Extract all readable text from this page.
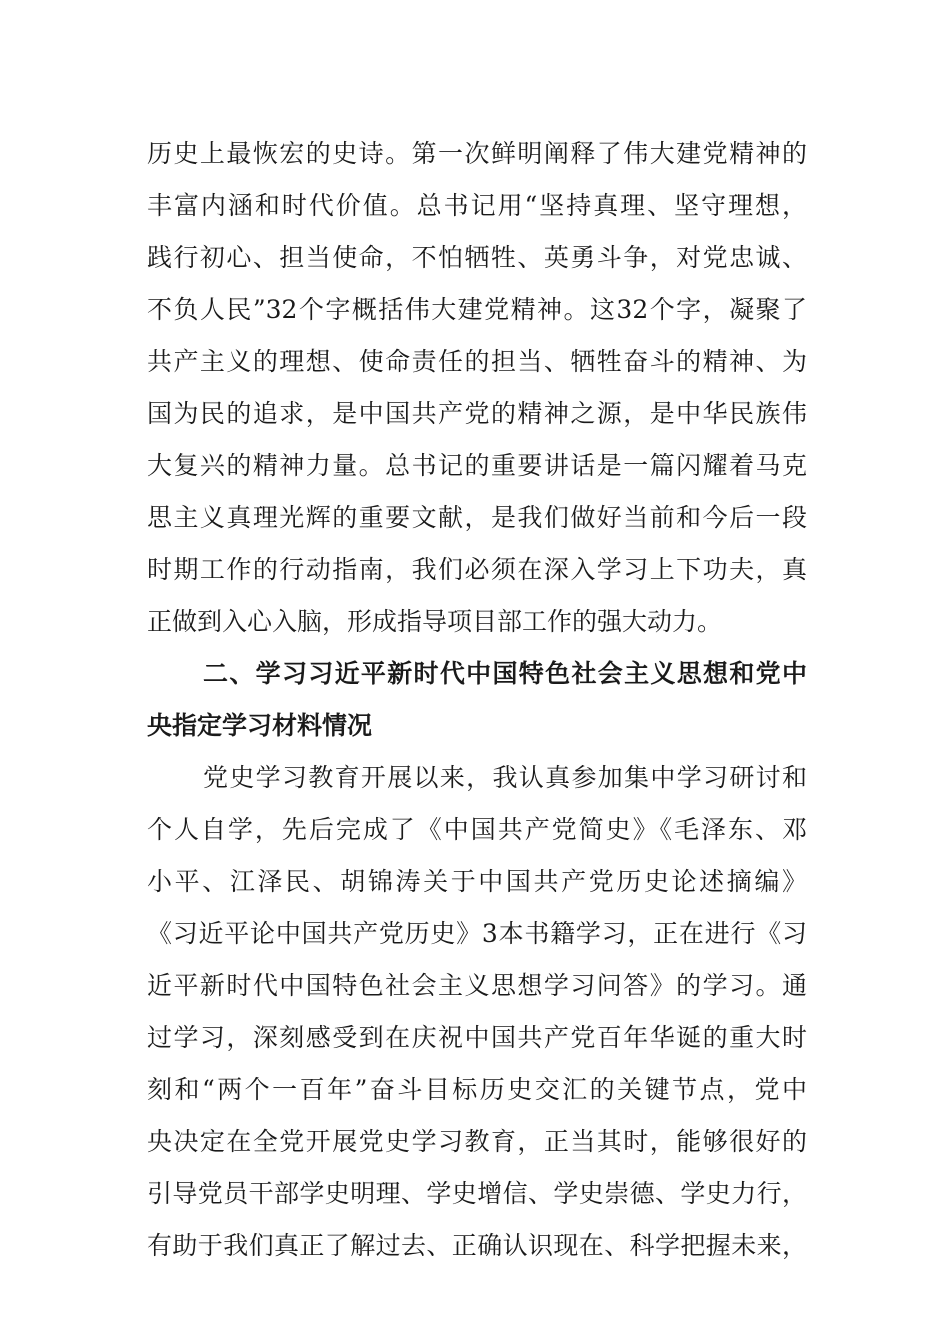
历史上最恢宏的史诗。第一次鲜明阐释了伟大建党精神的
丰富内涵和时代价值。总书记用“坚持真理、坚守理想，
践行初心、担当使命，不怕牺牲、英勇斗争，对党忠诚、
不负人民”32个字概括伟大建党精神。这32个字，凝聚了
共产主义的理想、使命责任的担当、牺牲奋斗的精神、为
国为民的追求，是中国共产党的精神之源，是中华民族伟
大复兴的精神力量。总书记的重要讲话是一篇闪耀着马克
思主义真理光辉的重要文献，是我们做好当前和今后一段
时期工作的行动指南，我们必须在深入学习上下功夫，真
正做到入心入脑，形成指导项目部工作的强大动力。
二、学习习近平新时代中国特色社会主义思想和党中
央指定学习材料情况
党史学习教育开展以来，我认真参加集中学习研讨和
个人自学，先后完成了《中国共产党简史》《毛泽东、邓
小平、江泽民、胡锦涛关于中国共产党历史论述摘编》
《习近平论中国共产党历史》3本书籍学习，正在进行《习
近平新时代中国特色社会主义思想学习问答》的学习。通
过学习，深刻感受到在庆祝中国共产党百年华诞的重大时
刻和“两个一百年”奋斗目标历史交汇的关键节点，党中
央决定在全党开展党史学习教育，正当其时，能够很好的
引导党员干部学史明理、学史增信、学史崇德、学史力行，
有助于我们真正了解过去、正确认识现在、科学把握未来，
